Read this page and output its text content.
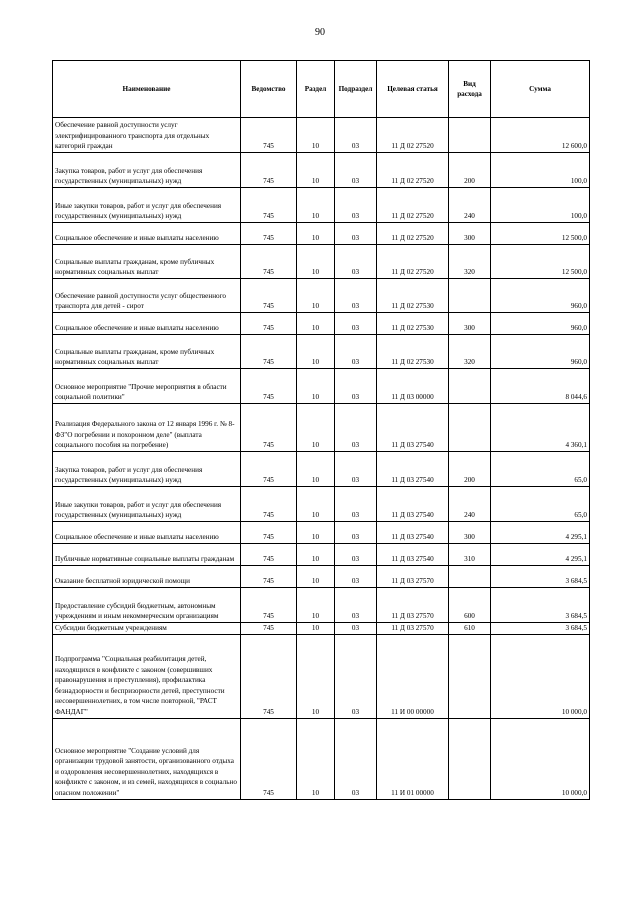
90
Наименование	Ведомство	Раздел	Подраздел	Целевая статья	Вид расхода	Сумма
Обеспечение равной доступности услуг электрифицированного транспорта для отдельных категорий граждан	745	10	03	11 Д 02 27520		12 600,0
Закупка товаров, работ и услуг для обеспечения государственных (муниципальных) нужд	745	10	03	11 Д 02 27520	200	100,0
Иные закупки товаров, работ и услуг для обеспечения государственных (муниципальных) нужд	745	10	03	11 Д 02 27520	240	100,0
Социальное обеспечение и иные выплаты населению	745	10	03	11 Д 02 27520	300	12 500,0
Социальные выплаты гражданам, кроме публичных нормативных социальных выплат	745	10	03	11 Д 02 27520	320	12 500,0
Обеспечение равной доступности услуг общественного транспорта для детей - сирот	745	10	03	11 Д 02 27530		960,0
Социальное обеспечение и иные выплаты населению	745	10	03	11 Д 02 27530	300	960,0
Социальные выплаты гражданам, кроме публичных нормативных социальных выплат	745	10	03	11 Д 02 27530	320	960,0
Основное мероприятие "Прочие мероприятия в области социальной политики"	745	10	03	11 Д 03 00000		8 044,6
Реализация Федерального закона от 12 января 1996 г. № 8-ФЗ"О погребении и похоронном деле" (выплата социального пособия на погребение)	745	10	03	11 Д 03 27540		4 360,1
Закупка товаров, работ и услуг для обеспечения государственных (муниципальных) нужд	745	10	03	11 Д 03 27540	200	65,0
Иные закупки товаров, работ и услуг для обеспечения государственных (муниципальных) нужд	745	10	03	11 Д 03 27540	240	65,0
Социальное обеспечение и иные выплаты населению	745	10	03	11 Д 03 27540	300	4 295,1
Публичные нормативные социальные выплаты гражданам	745	10	03	11 Д 03 27540	310	4 295,1
Оказание бесплатной юридической помощи	745	10	03	11 Д 03 27570		3 684,5
Предоставление субсидий бюджетным, автономным учреждениям и иным некоммерческим организациям	745	10	03	11 Д 03 27570	600	3 684,5
Субсидии бюджетным учреждениям	745	10	03	11 Д 03 27570	610	3 684,5
Подпрограмма "Социальная реабилитация детей, находящихся в конфликте с законом (совершивших правонарушения и преступления), профилактика безнадзорности и беспризорности детей, преступности несовершеннолетних, в том числе повторной, "РАСТ ФАНДАГ"	745	10	03	11 И 00 00000		10 000,0
Основное мероприятие "Создание условий для организации трудовой занятости, организованного отдыха и оздоровления несовершеннолетних, находящихся в конфликте с законом, и из семей, находящихся в социально опасном положении"	745	10	03	11 И 01 00000		10 000,0
